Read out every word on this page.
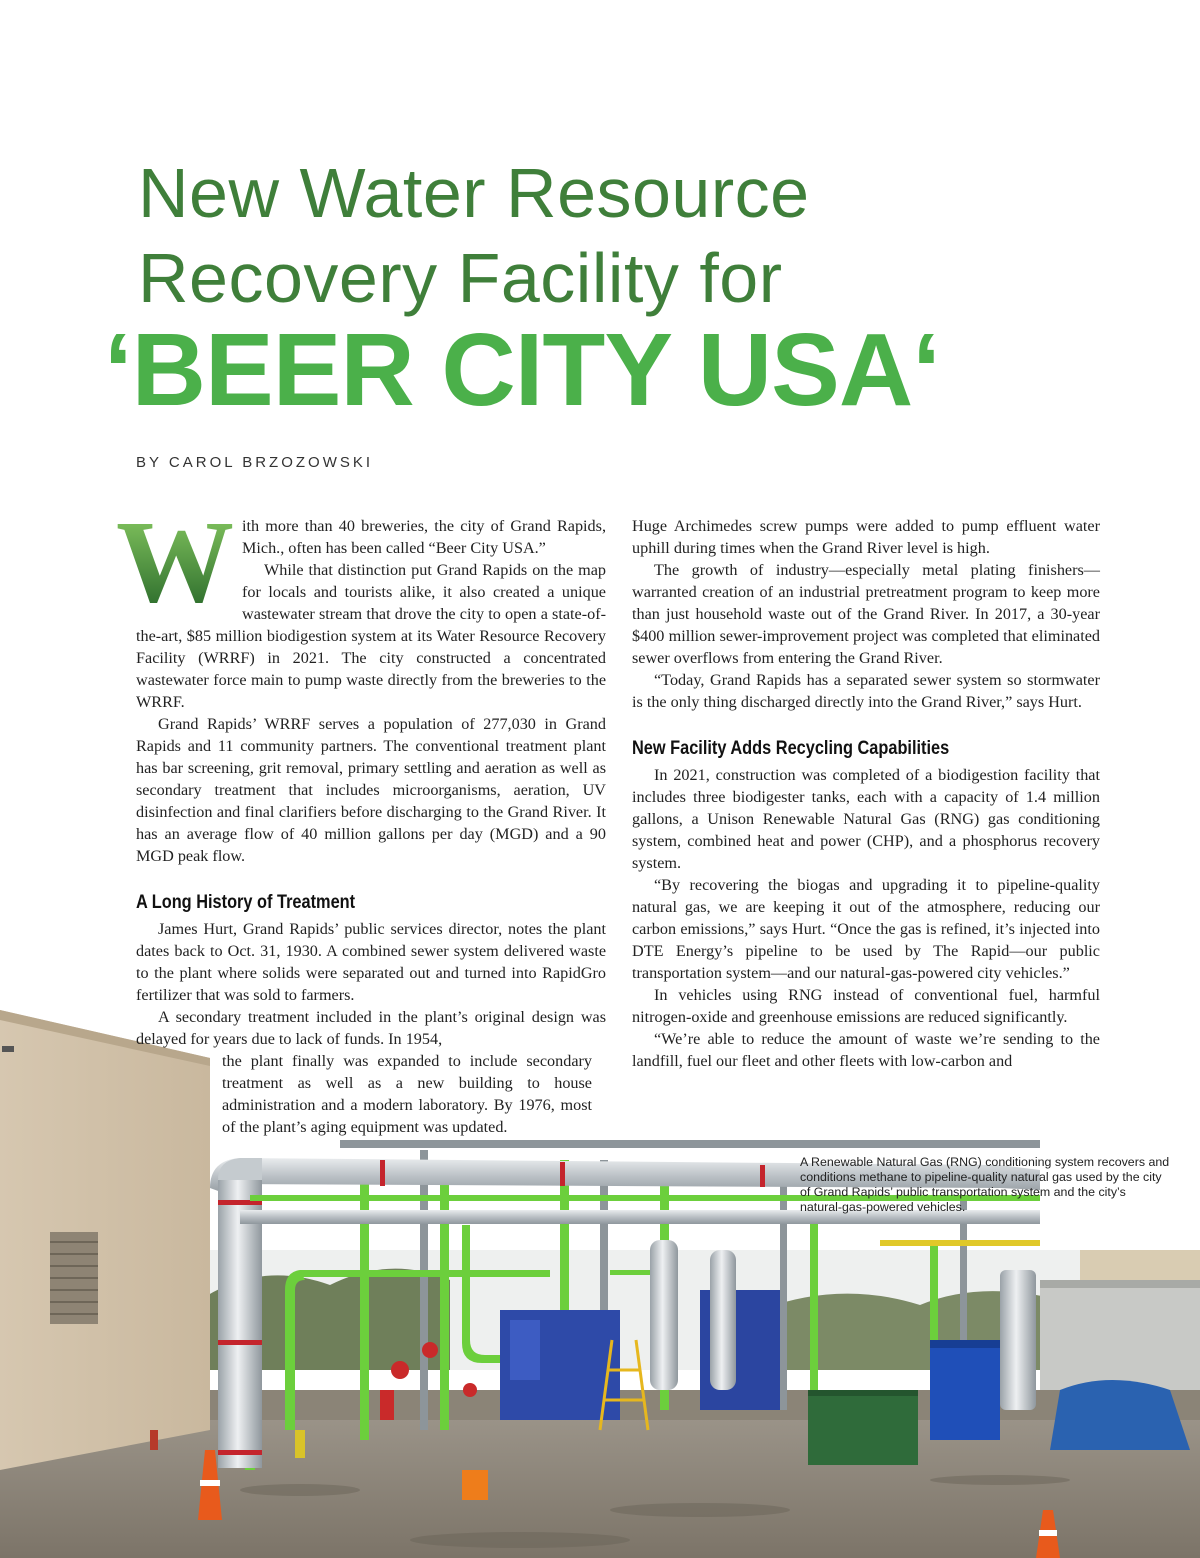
New Water Resource
Recovery Facility for
‘BEER CITY USA‘
BY CAROL BRZOZOWSKI

W ith more than 40 breweries, the city of Grand Rapids, Mich., often has been called “Beer City USA.”

While that distinction put Grand Rapids on the map for locals and tourists alike, it also created a unique wastewater stream that drove the city to open a state-of-the-art, $85 million biodigestion system at its Water Resource Recovery Facility (WRRF) in 2021. The city constructed a concentrated wastewater force main to pump waste directly from the breweries to the WRRF.

Grand Rapids’ WRRF serves a population of 277,030 in Grand Rapids and 11 community partners. The conventional treatment plant has bar screening, grit removal, primary settling and aeration as well as secondary treatment that includes microorganisms, aeration, UV disinfection and final clarifiers before discharging to the Grand River. It has an average flow of 40 million gallons per day (MGD) and a 90 MGD peak flow.

A Long History of Treatment

James Hurt, Grand Rapids’ public services director, notes the plant dates back to Oct. 31, 1930. A combined sewer system delivered waste to the plant where solids were separated out and turned into RapidGro fertilizer that was sold to farmers.

A secondary treatment included in the plant’s original design was delayed for years due to lack of funds. In 1954,

the plant finally was expanded to include secondary treatment as well as a new building to house administration and a modern laboratory. By 1976, most of the plant’s aging equipment was updated.

Huge Archimedes screw pumps were added to pump effluent water uphill during times when the Grand River level is high.

The growth of industry—especially metal plating finishers—warranted creation of an industrial pretreatment program to keep more than just household waste out of the Grand River. In 2017, a 30-year $400 million sewer-improvement project was completed that eliminated sewer overflows from entering the Grand River.

“Today, Grand Rapids has a separated sewer system so stormwater is the only thing discharged directly into the Grand River,” says Hurt.

New Facility Adds Recycling Capabilities

In 2021, construction was completed of a biodigestion facility that includes three biodigester tanks, each with a capacity of 1.4 million gallons, a Unison Renewable Natural Gas (RNG) gas conditioning system, combined heat and power (CHP), and a phosphorus recovery system.

“By recovering the biogas and upgrading it to pipeline-quality natural gas, we are keeping it out of the atmosphere, reducing our carbon emissions,” says Hurt. “Once the gas is refined, it’s injected into DTE Energy’s pipeline to be used by The Rapid—our public transportation system—and our natural-gas-powered city vehicles.”

In vehicles using RNG instead of conventional fuel, harmful nitrogen-oxide and greenhouse emissions are reduced significantly.

“We’re able to reduce the amount of waste we’re sending to the landfill, fuel our fleet and other fleets with low-carbon and

A Renewable Natural Gas (RNG) conditioning system recovers and conditions methane to pipeline-quality natural gas used by the city of Grand Rapids’ public transportation system and the city’s natural-gas-powered vehicles.
